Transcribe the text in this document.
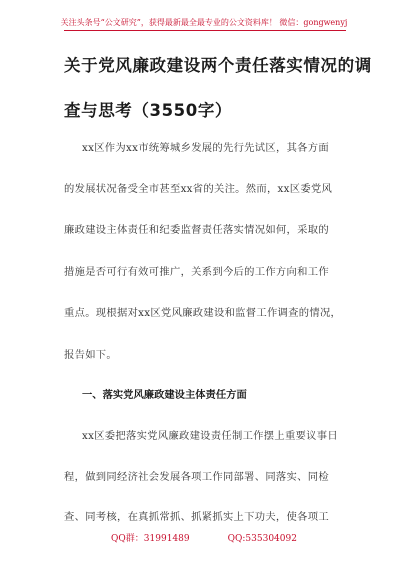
关注头条号“公文研究”，获得最新最全最专业的公文资料库！ 微信：gongwenyj
关于党风廉政建设两个责任落实情况的调
查与思考（3550字）
xx区作为xx市统筹城乡发展的先行先试区，其各方面
的发展状况备受全市甚至xx省的关注。然而，xx区委党风
廉政建设主体责任和纪委监督责任落实情况如何，采取的
措施是否可行有效可推广，关系到今后的工作方向和工作
重点。现根据对xx区党风廉政建设和监督工作调查的情况，
报告如下。
一、落实党风廉政建设主体责任方面
xx区委把落实党风廉政建设责任制工作摆上重要议事日
程，做到同经济社会发展各项工作同部署、同落实、同检
查、同考核，在真抓常抓、抓紧抓实上下功夫，使各项工
QQ群：31991489	QQ:535304092
